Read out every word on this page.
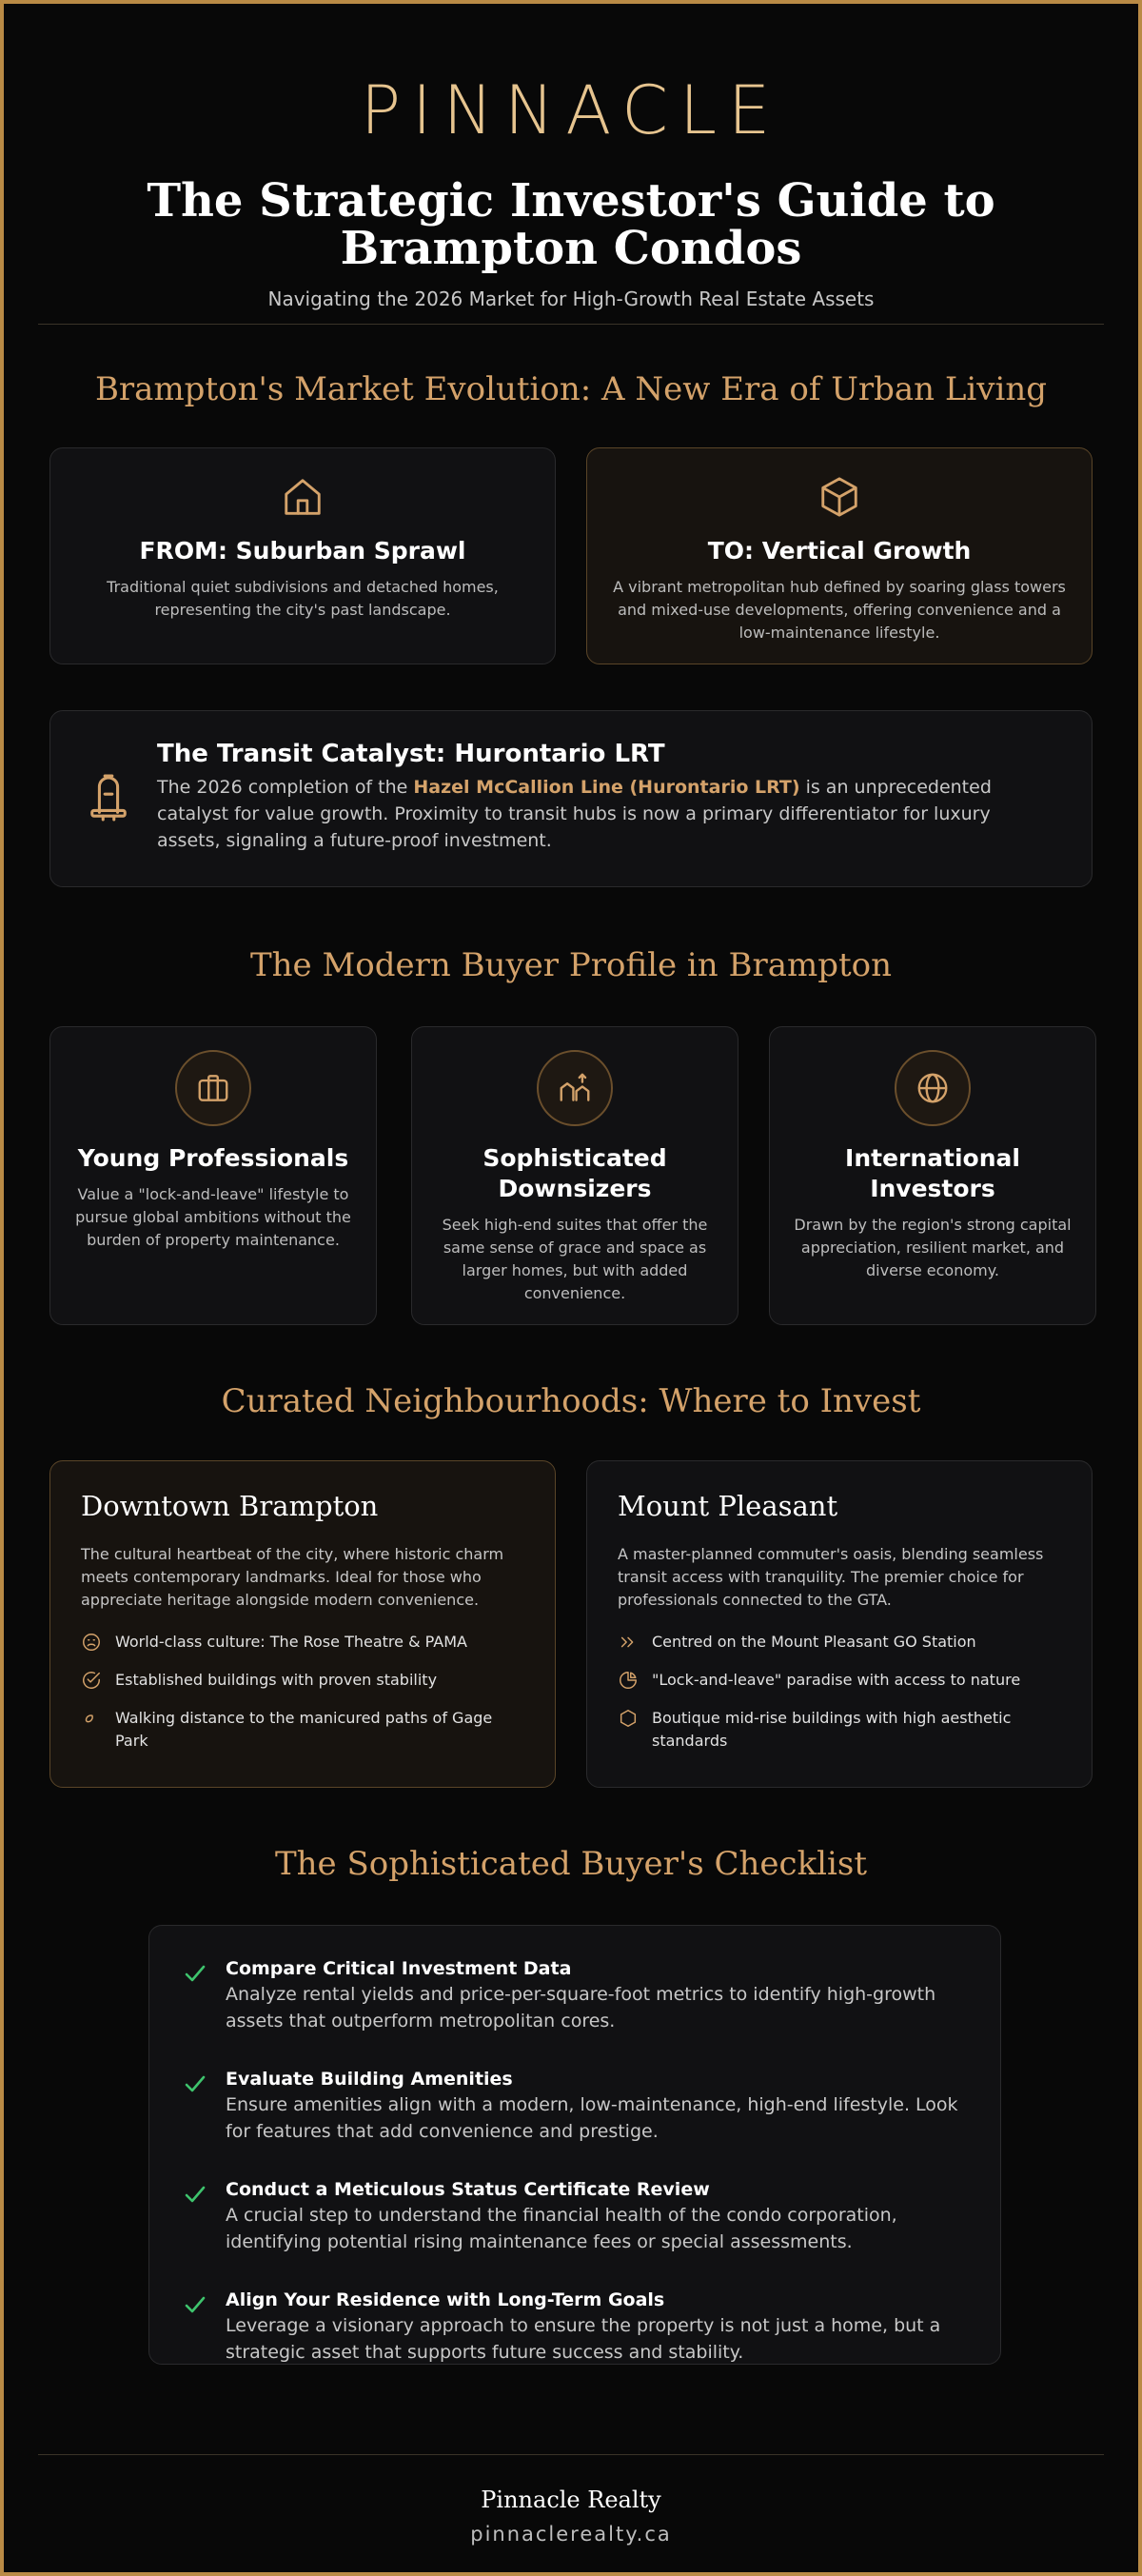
PINNACLE
The Strategic Investor's Guide to Brampton Condos
Navigating the 2026 Market for High-Growth Real Estate Assets
Brampton's Market Evolution: A New Era of Urban Living
FROM: Suburban Sprawl
Traditional quiet subdivisions and detached homes, representing the city's past landscape.
TO: Vertical Growth
A vibrant metropolitan hub defined by soaring glass towers and mixed-use developments, offering convenience and a low-maintenance lifestyle.
The Transit Catalyst: Hurontario LRT
The 2026 completion of the Hazel McCallion Line (Hurontario LRT) is an unprecedented catalyst for value growth. Proximity to transit hubs is now a primary differentiator for luxury assets, signaling a future-proof investment.
The Modern Buyer Profile in Brampton
Young Professionals
Value a "lock-and-leave" lifestyle to pursue global ambitions without the burden of property maintenance.
Sophisticated Downsizers
Seek high-end suites that offer the same sense of grace and space as larger homes, but with added convenience.
International Investors
Drawn by the region's strong capital appreciation, resilient market, and diverse economy.
Curated Neighbourhoods: Where to Invest
Downtown Brampton
The cultural heartbeat of the city, where historic charm meets contemporary landmarks. Ideal for those who appreciate heritage alongside modern convenience.
World-class culture: The Rose Theatre & PAMA
Established buildings with proven stability
Walking distance to the manicured paths of Gage Park
Mount Pleasant
A master-planned commuter's oasis, blending seamless transit access with tranquility. The premier choice for professionals connected to the GTA.
Centred on the Mount Pleasant GO Station
"Lock-and-leave" paradise with access to nature
Boutique mid-rise buildings with high aesthetic standards
The Sophisticated Buyer's Checklist
Compare Critical Investment Data
Analyze rental yields and price-per-square-foot metrics to identify high-growth assets that outperform metropolitan cores.
Evaluate Building Amenities
Ensure amenities align with a modern, low-maintenance, high-end lifestyle. Look for features that add convenience and prestige.
Conduct a Meticulous Status Certificate Review
A crucial step to understand the financial health of the condo corporation, identifying potential rising maintenance fees or special assessments.
Align Your Residence with Long-Term Goals
Leverage a visionary approach to ensure the property is not just a home, but a strategic asset that supports future success and stability.
Pinnacle Realty
pinnaclerealty.ca
